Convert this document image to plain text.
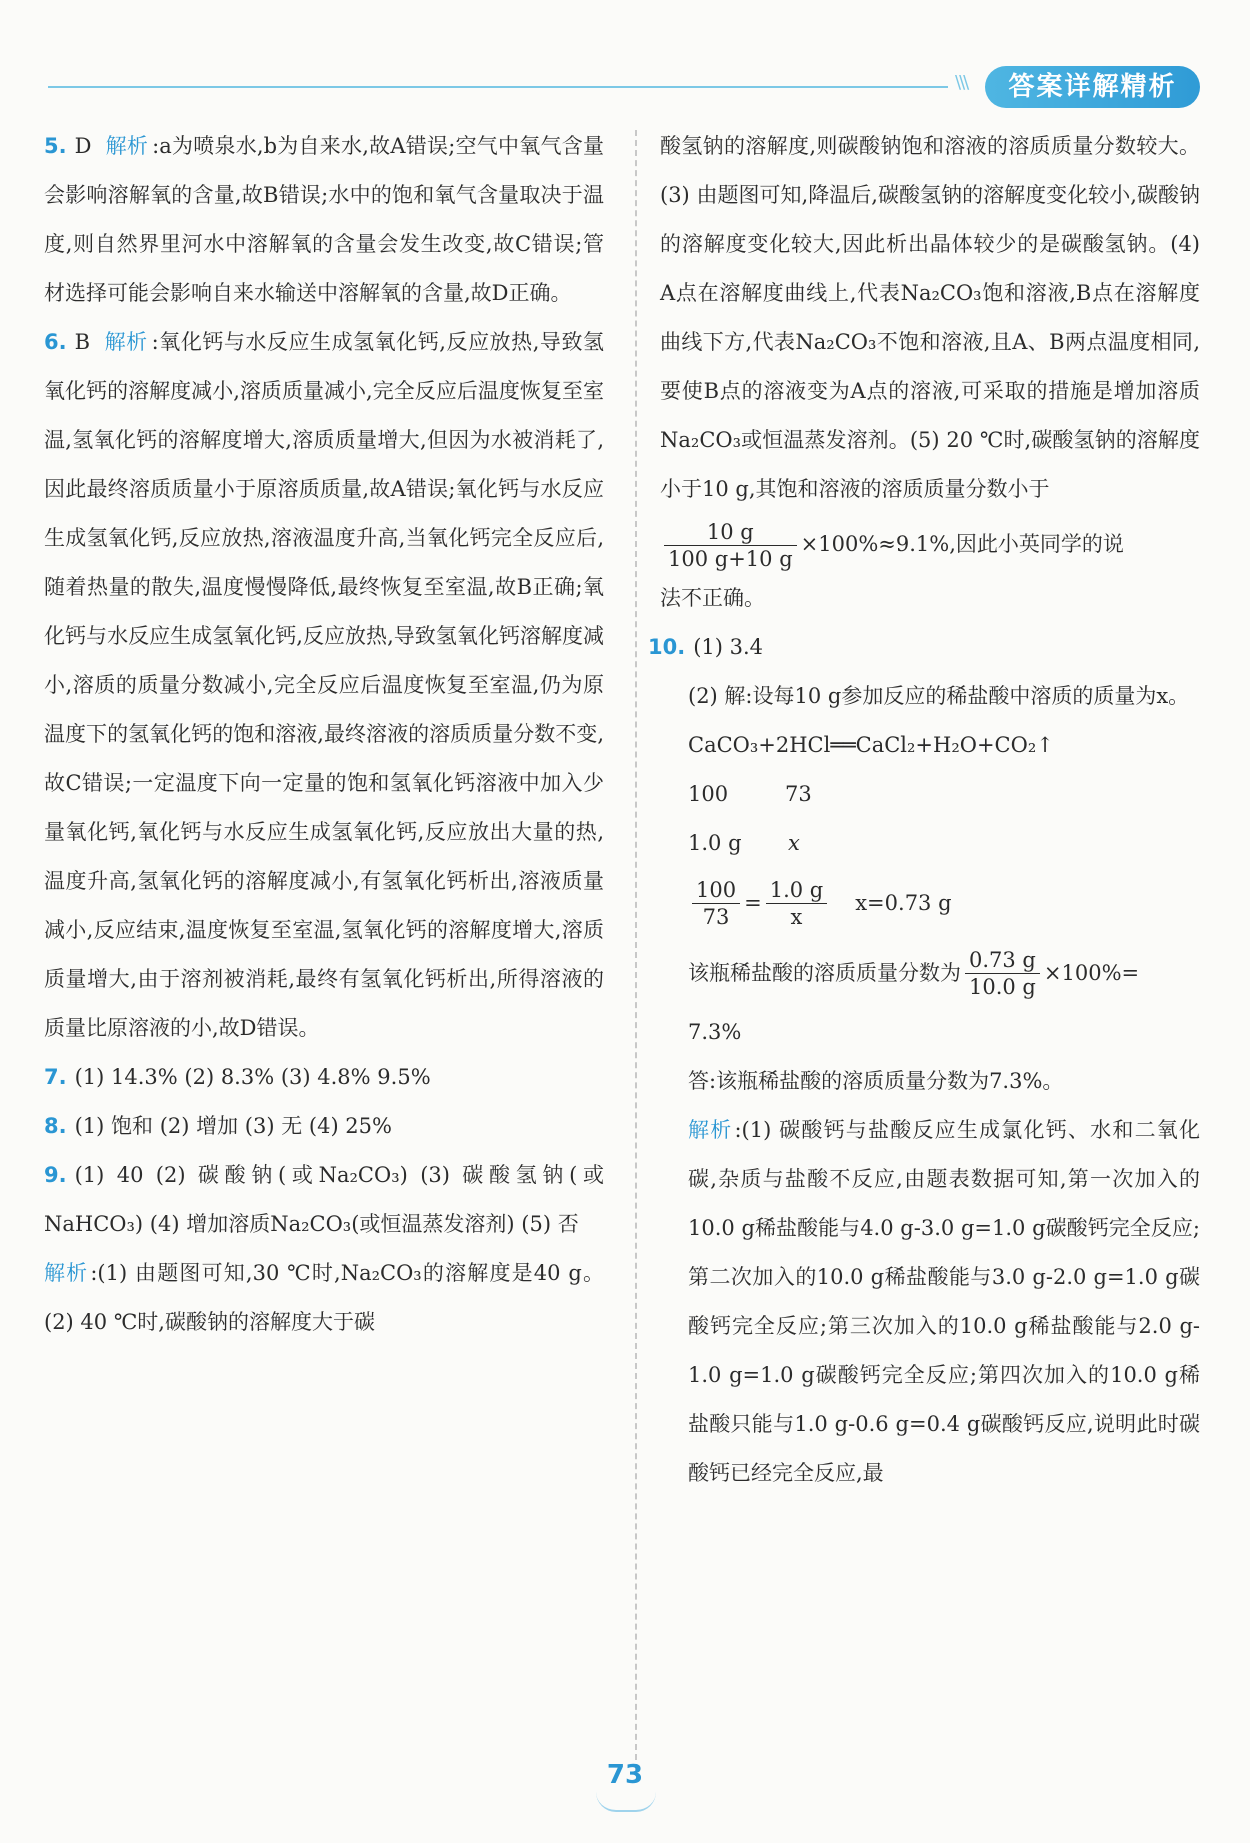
\\\	答案详解精析

5. D 解析 :a为喷泉水,b为自来水,故A错误;空气中氧气含量会影响溶解氧的含量,故B错误;水中的饱和氧气含量取决于温度,则自然界里河水中溶解氧的含量会发生改变,故C错误;管材选择可能会影响自来水输送中溶解氧的含量,故D正确。

6. B 解析 :氧化钙与水反应生成氢氧化钙,反应放热,导致氢氧化钙的溶解度减小,溶质质量减小,完全反应后温度恢复至室温,氢氧化钙的溶解度增大,溶质质量增大,但因为水被消耗了,因此最终溶质质量小于原溶质质量,故A错误;氧化钙与水反应生成氢氧化钙,反应放热,溶液温度升高,当氧化钙完全反应后,随着热量的散失,温度慢慢降低,最终恢复至室温,故B正确;氧化钙与水反应生成氢氧化钙,反应放热,导致氢氧化钙溶解度减小,溶质的质量分数减小,完全反应后温度恢复至室温,仍为原温度下的氢氧化钙的饱和溶液,最终溶液的溶质质量分数不变,故C错误;一定温度下向一定量的饱和氢氧化钙溶液中加入少量氧化钙,氧化钙与水反应生成氢氧化钙,反应放出大量的热,温度升高,氢氧化钙的溶解度减小,有氢氧化钙析出,溶液质量减小,反应结束,温度恢复至室温,氢氧化钙的溶解度增大,溶质质量增大,由于溶剂被消耗,最终有氢氧化钙析出,所得溶液的质量比原溶液的小,故D错误。

7. (1) 14.3% (2) 8.3% (3) 4.8% 9.5%

8. (1) 饱和 (2) 增加 (3) 无 (4) 25%

9. (1) 40 (2) 碳酸钠(或Na₂CO₃) (3) 碳酸氢钠(或NaHCO₃) (4) 增加溶质Na₂CO₃(或恒温蒸发溶剂) (5) 否

解析:(1) 由题图可知,30 ℃时,Na₂CO₃的溶解度是40 g。(2) 40 ℃时,碳酸钠的溶解度大于碳

酸氢钠的溶解度,则碳酸钠饱和溶液的溶质质量分数较大。(3) 由题图可知,降温后,碳酸氢钠的溶解度变化较小,碳酸钠的溶解度变化较大,因此析出晶体较少的是碳酸氢钠。(4) A点在溶解度曲线上,代表Na₂CO₃饱和溶液,B点在溶解度曲线下方,代表Na₂CO₃不饱和溶液,且A、B两点温度相同,要使B点的溶液变为A点的溶液,可采取的措施是增加溶质Na₂CO₃或恒温蒸发溶剂。(5) 20 ℃时,碳酸氢钠的溶解度小于10 g,其饱和溶液的溶质质量分数小于

$\frac{10 g}{100 g+10 g} \times 100\%\approx 9.1\%$,因此小英同学的说

法不正确。

10. (1) 3.4

(2) 解:设每10 g参加反应的稀盐酸中溶质的质量为x。

CaCO₃+2HCl══CaCl₂+H₂O+CO₂↑
100	73
1.0 g x
$\frac{100}{73} = \frac{1.0 g}{x} x=0.73$ g
该瓶稀盐酸的溶质质量分数为 $\frac{0.73 g}{10.0 g} \times 100\%=$

7.3%

答:该瓶稀盐酸的溶质质量分数为7.3%。

解析:(1) 碳酸钙与盐酸反应生成氯化钙、水和二氧化碳,杂质与盐酸不反应,由题表数据可知,第一次加入的10.0 g稀盐酸能与4.0 g-3.0 g=1.0 g碳酸钙完全反应;第二次加入的10.0 g稀盐酸能与3.0 g-2.0 g=1.0 g碳酸钙完全反应;第三次加入的10.0 g稀盐酸能与2.0 g-1.0 g=1.0 g碳酸钙完全反应;第四次加入的10.0 g稀盐酸只能与1.0 g-0.6 g=0.4 g碳酸钙反应,说明此时碳酸钙已经完全反应,最

73
